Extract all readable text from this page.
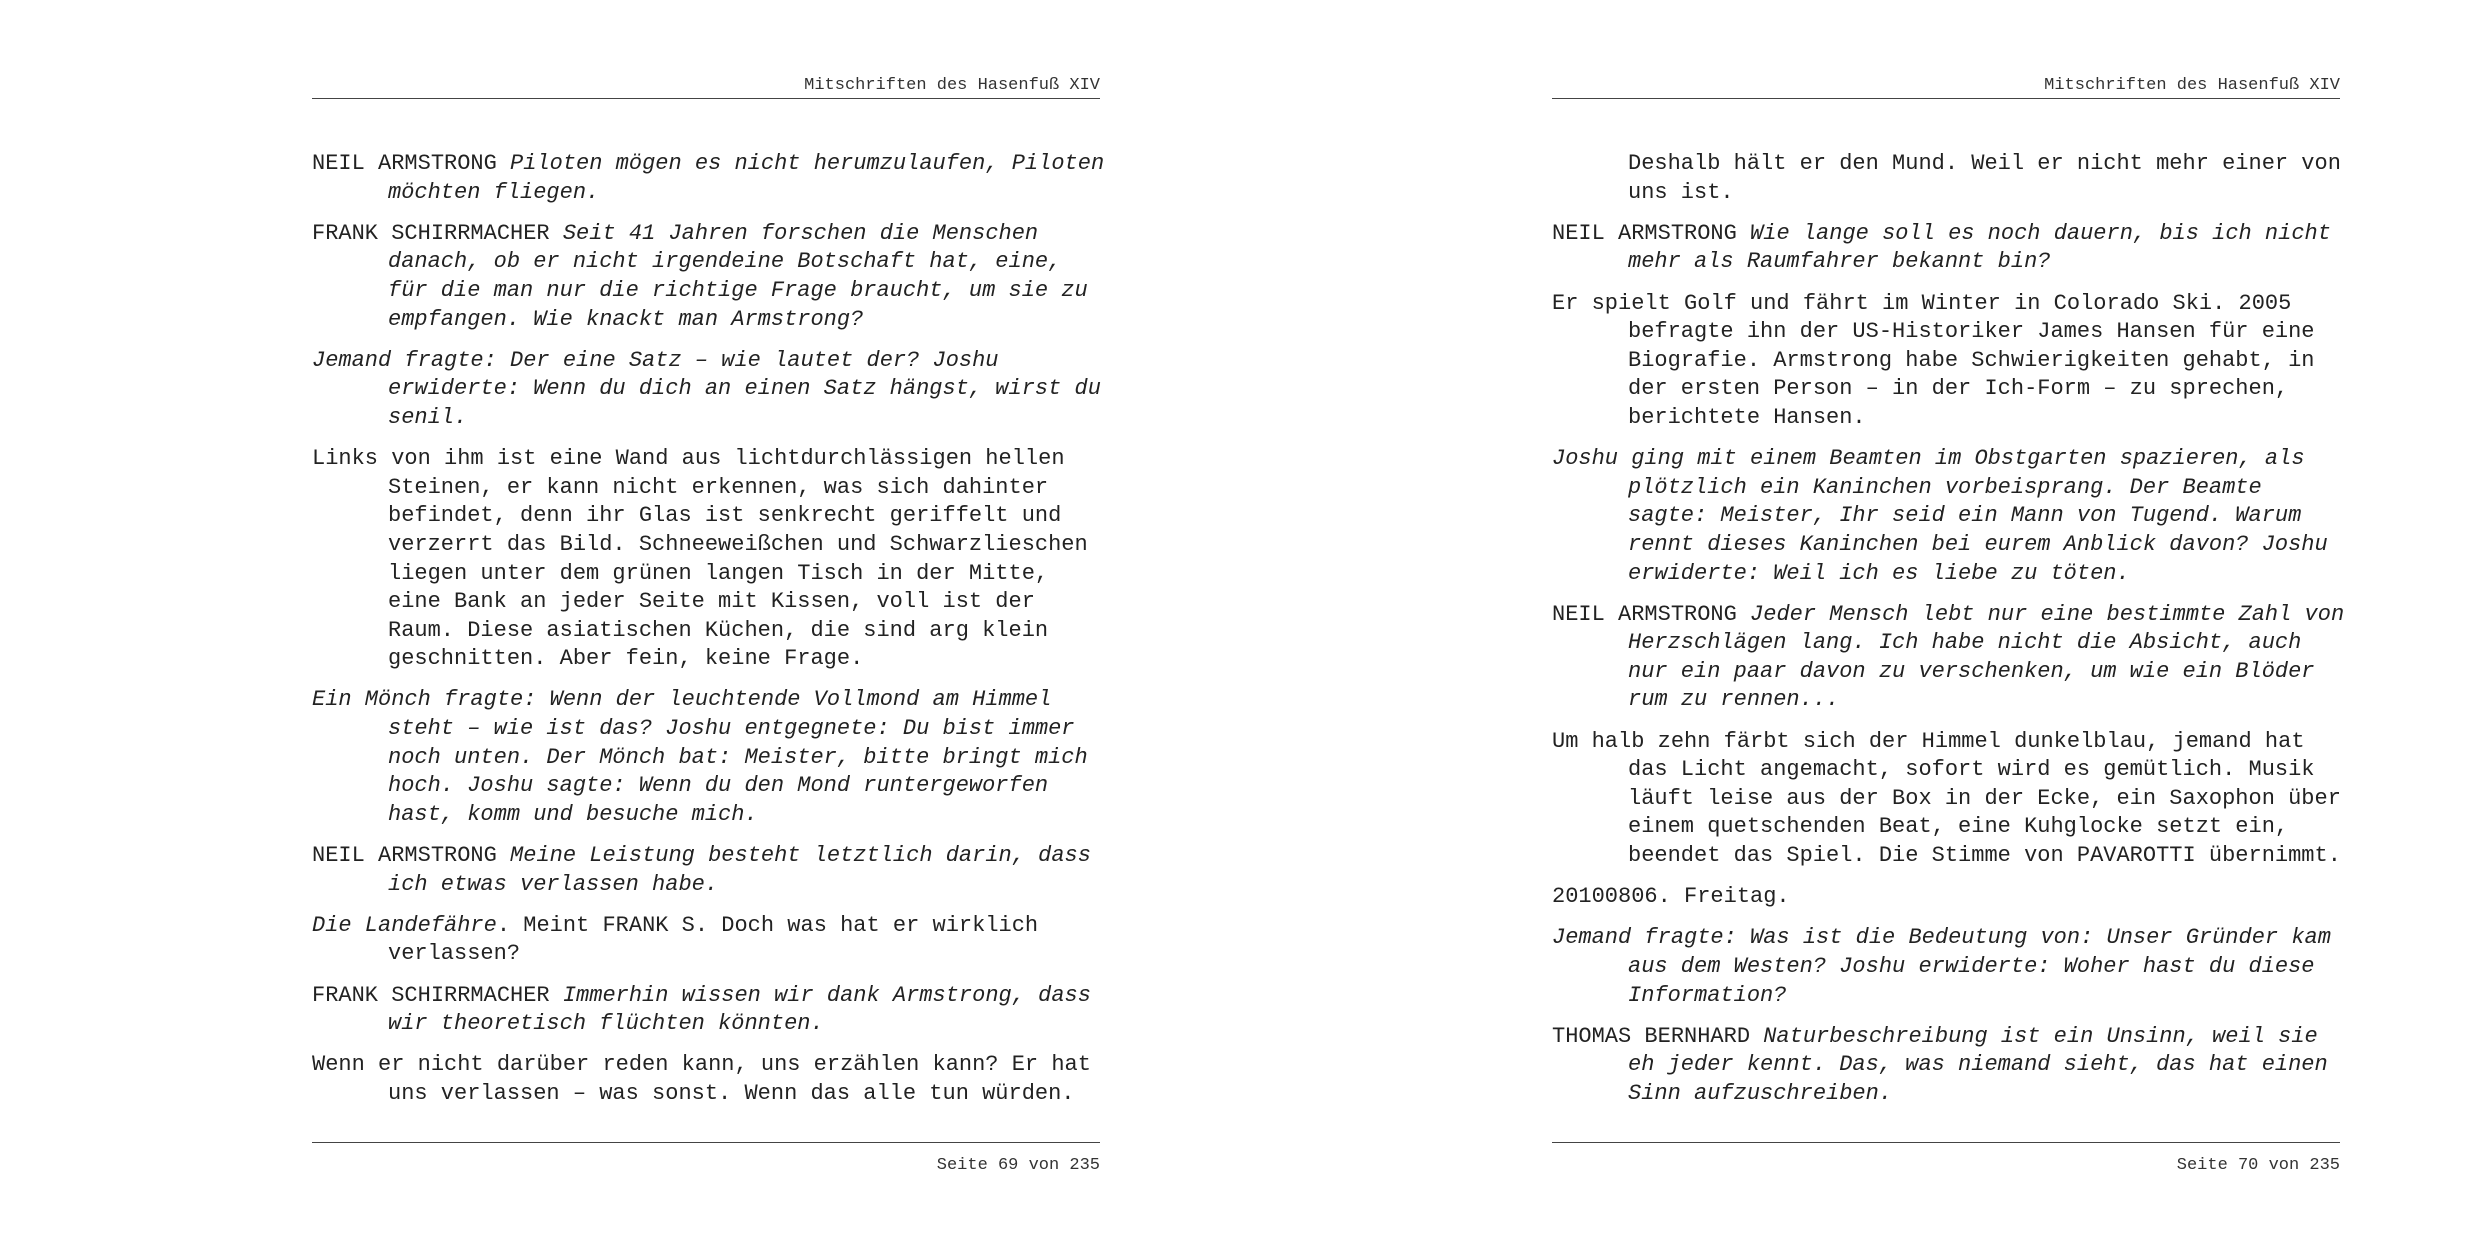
Mitschriften des Hasenfuß XIV

NEIL ARMSTRONG Piloten mögen es nicht herumzulaufen, Piloten möchten fliegen.

FRANK SCHIRRMACHER Seit 41 Jahren forschen die Menschen danach, ob er nicht irgendeine Botschaft hat, eine, für die man nur die richtige Frage braucht, um sie zu empfangen. Wie knackt man Armstrong?

Jemand fragte: Der eine Satz – wie lautet der? Joshu erwiderte: Wenn du dich an einen Satz hängst, wirst du senil.

Links von ihm ist eine Wand aus lichtdurchlässigen hellen Steinen, er kann nicht erkennen, was sich dahinter befindet, denn ihr Glas ist senkrecht geriffelt und verzerrt das Bild. Schneeweißchen und Schwarzlieschen liegen unter dem grünen langen Tisch in der Mitte, eine Bank an jeder Seite mit Kissen, voll ist der Raum. Diese asiatischen Küchen, die sind arg klein geschnitten. Aber fein, keine Frage.

Ein Mönch fragte: Wenn der leuchtende Vollmond am Himmel steht – wie ist das? Joshu entgegnete: Du bist immer noch unten. Der Mönch bat: Meister, bitte bringt mich hoch. Joshu sagte: Wenn du den Mond runtergeworfen hast, komm und besuche mich.

NEIL ARMSTRONG Meine Leistung besteht letztlich darin, dass ich etwas verlassen habe.

Die Landefähre. Meint FRANK S. Doch was hat er wirklich verlassen?

FRANK SCHIRRMACHER Immerhin wissen wir dank Armstrong, dass wir theoretisch flüchten könnten.

Wenn er nicht darüber reden kann, uns erzählen kann? Er hat uns verlassen – was sonst. Wenn das alle tun würden.

Seite 69 von 235
Mitschriften des Hasenfuß XIV

Deshalb hält er den Mund. Weil er nicht mehr einer von uns ist.

NEIL ARMSTRONG Wie lange soll es noch dauern, bis ich nicht mehr als Raumfahrer bekannt bin?

Er spielt Golf und fährt im Winter in Colorado Ski. 2005 befragte ihn der US-Historiker James Hansen für eine Biografie. Armstrong habe Schwierigkeiten gehabt, in der ersten Person – in der Ich-Form – zu sprechen, berichtete Hansen.

Joshu ging mit einem Beamten im Obstgarten spazieren, als plötzlich ein Kaninchen vorbeisprang. Der Beamte sagte: Meister, Ihr seid ein Mann von Tugend. Warum rennt dieses Kaninchen bei eurem Anblick davon? Joshu erwiderte: Weil ich es liebe zu töten.

NEIL ARMSTRONG Jeder Mensch lebt nur eine bestimmte Zahl von Herzschlägen lang. Ich habe nicht die Absicht, auch nur ein paar davon zu verschenken, um wie ein Blöder rum zu rennen...

Um halb zehn färbt sich der Himmel dunkelblau, jemand hat das Licht angemacht, sofort wird es gemütlich. Musik läuft leise aus der Box in der Ecke, ein Saxophon über einem quetschenden Beat, eine Kuhglocke setzt ein, beendet das Spiel. Die Stimme von PAVAROTTI übernimmt.

20100806. Freitag.

Jemand fragte: Was ist die Bedeutung von: Unser Gründer kam aus dem Westen? Joshu erwiderte: Woher hast du diese Information?

THOMAS BERNHARD Naturbeschreibung ist ein Unsinn, weil sie eh jeder kennt. Das, was niemand sieht, das hat einen Sinn aufzuschreiben.

Seite 70 von 235
